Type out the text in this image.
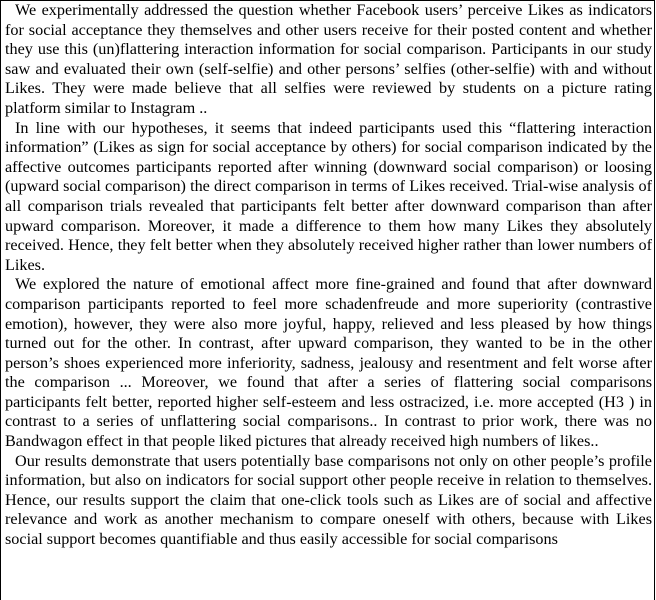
We experimentally addressed the question whether Facebook users’ perceive Likes as indicators for social acceptance they themselves and other users receive for their posted content and whether they use this (un)flattering interaction information for social comparison. Participants in our study saw and evaluated their own (self-selfie) and other persons’ selfies (other-selfie) with and without Likes. They were made believe that all selfies were reviewed by students on a picture rating platform similar to Instagram ..

In line with our hypotheses, it seems that indeed participants used this “flattering interaction information” (Likes as sign for social acceptance by others) for social comparison indicated by the affective outcomes participants reported after winning (downward social comparison) or loosing (upward social comparison) the direct comparison in terms of Likes received. Trial-wise analysis of all comparison trials revealed that participants felt better after downward comparison than after upward comparison. Moreover, it made a difference to them how many Likes they absolutely received. Hence, they felt better when they absolutely received higher rather than lower numbers of Likes.

We explored the nature of emotional affect more fine-grained and found that after downward comparison participants reported to feel more schadenfreude and more superiority (contrastive emotion), however, they were also more joyful, happy, relieved and less pleased by how things turned out for the other. In contrast, after upward comparison, they wanted to be in the other person’s shoes experienced more inferiority, sadness, jealousy and resentment and felt worse after the comparison ... Moreover, we found that after a series of flattering social comparisons participants felt better, reported higher self-esteem and less ostracized, i.e. more accepted (H3 ) in contrast to a series of unflattering social comparisons.. In contrast to prior work, there was no Bandwagon effect in that people liked pictures that already received high numbers of likes..

Our results demonstrate that users potentially base comparisons not only on other people’s profile information, but also on indicators for social support other people receive in relation to themselves. Hence, our results support the claim that one-click tools such as Likes are of social and affective relevance and work as another mechanism to compare oneself with others, because with Likes social support becomes quantifiable and thus easily accessible for social comparisons
